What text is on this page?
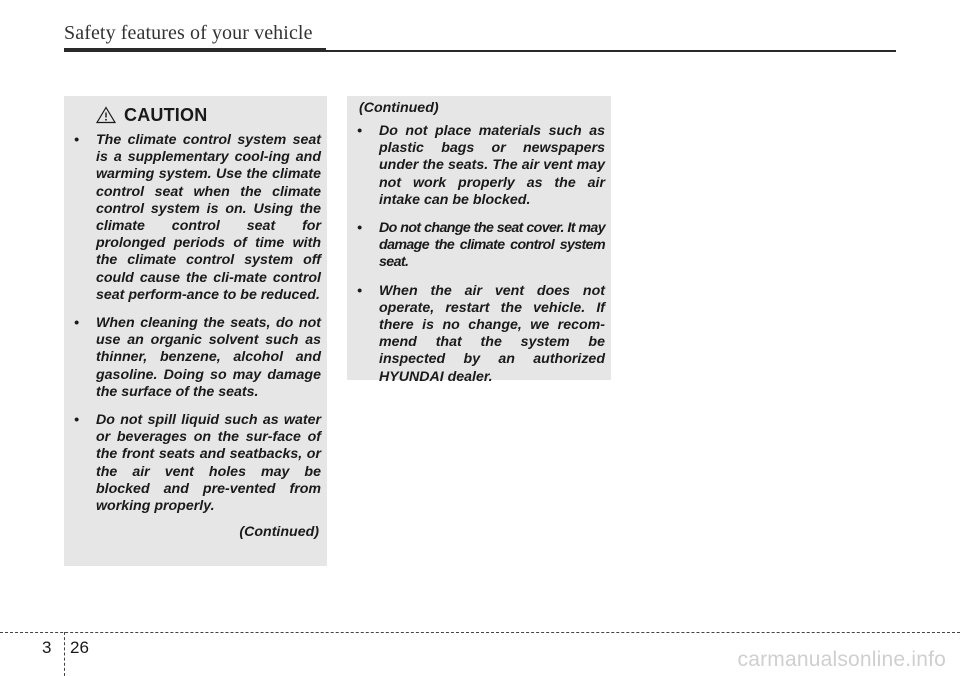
Safety features of your vehicle
CAUTION
• The climate control system seat is a supplementary cool-ing and warming system. Use the climate control seat when the climate control system is on. Using the climate control seat for prolonged periods of time with the climate control system off could cause the cli-mate control seat perform-ance to be reduced.
• When cleaning the seats, do not use an organic solvent such as thinner, benzene, alcohol and gasoline. Doing so may damage the surface of the seats.
• Do not spill liquid such as water or beverages on the sur-face of the front seats and seatbacks, or the air vent holes may be blocked and pre-vented from working properly.
(Continued)
(Continued)
• Do not place materials such as plastic bags or newspapers under the seats. The air vent may not work properly as the air intake can be blocked.
• Do not change the seat cover. It may damage the climate control system seat.
• When the air vent does not operate, restart the vehicle. If there is no change, we recom-mend that the system be inspected by an authorized HYUNDAI dealer.
3 26
carmanualsonline.info
